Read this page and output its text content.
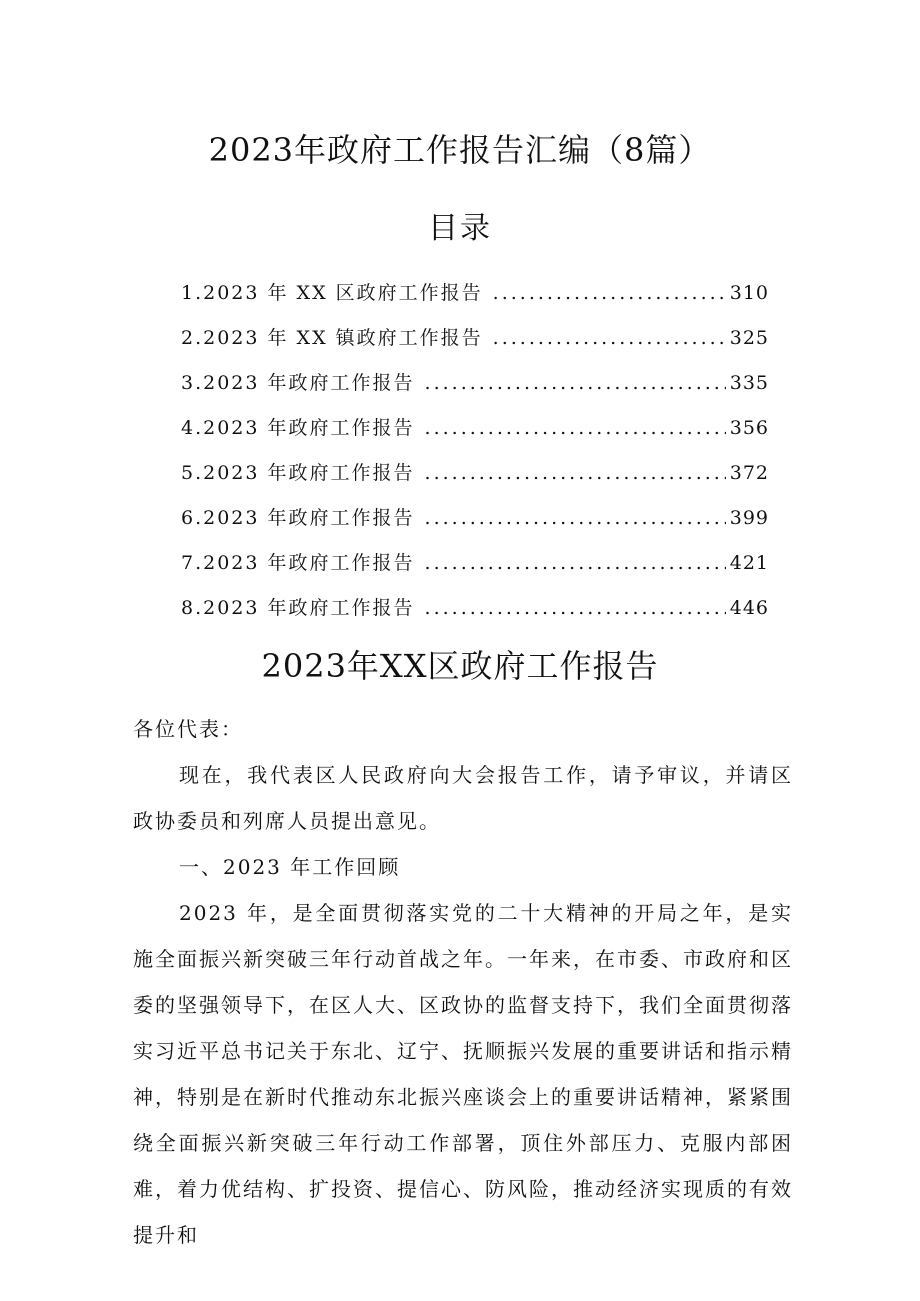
2023年政府工作报告汇编（8篇）
目录
1.2023 年 XX 区政府工作报告 .....	310
2.2023 年 XX 镇政府工作报告 .....	325
3.2023 年政府工作报告 .....	335
4.2023 年政府工作报告 .....	356
5.2023 年政府工作报告 .....	372
6.2023 年政府工作报告 .....	399
7.2023 年政府工作报告 .....	421
8.2023 年政府工作报告 .....	446
2023年XX区政府工作报告

各位代表：

现在，我代表区人民政府向大会报告工作，请予审议，并请区政协委员和列席人员提出意见。

一、2023 年工作回顾

2023 年，是全面贯彻落实党的二十大精神的开局之年，是实施全面振兴新突破三年行动首战之年。一年来，在市委、市政府和区委的坚强领导下，在区人大、区政协的监督支持下，我们全面贯彻落实习近平总书记关于东北、辽宁、抚顺振兴发展的重要讲话和指示精神，特别是在新时代推动东北振兴座谈会上的重要讲话精神，紧紧围绕全面振兴新突破三年行动工作部署，顶住外部压力、克服内部困难，着力优结构、扩投资、提信心、防风险，推动经济实现质的有效提升和
